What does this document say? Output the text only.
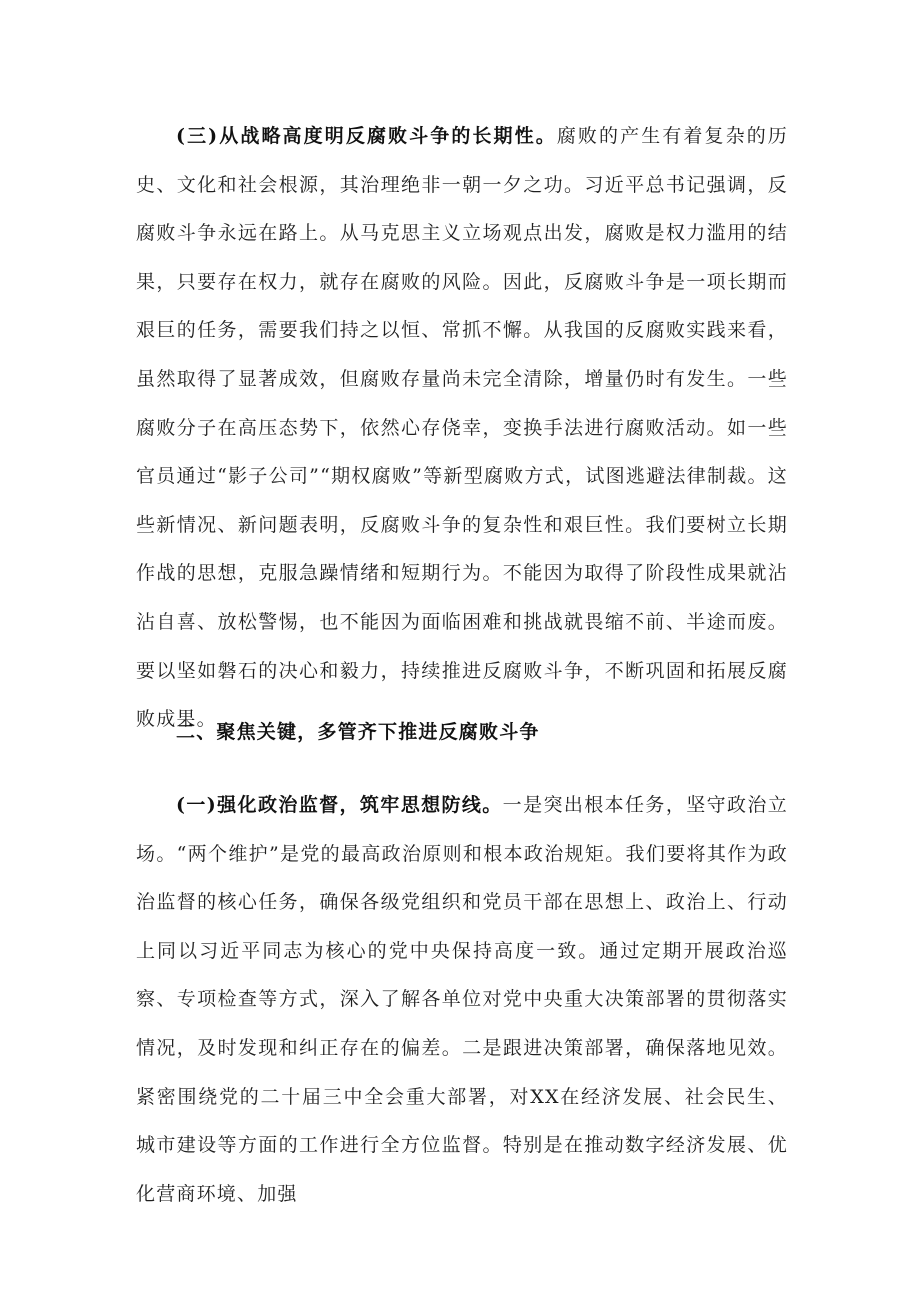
(三)从战略高度明反腐败斗争的长期性。腐败的产生有着复杂的历史、文化和社会根源，其治理绝非一朝一夕之功。习近平总书记强调，反腐败斗争永远在路上。从马克思主义立场观点出发，腐败是权力滥用的结果，只要存在权力，就存在腐败的风险。因此，反腐败斗争是一项长期而艰巨的任务，需要我们持之以恒、常抓不懈。从我国的反腐败实践来看，虽然取得了显著成效，但腐败存量尚未完全清除，增量仍时有发生。一些腐败分子在高压态势下，依然心存侥幸，变换手法进行腐败活动。如一些官员通过“影子公司”“期权腐败”等新型腐败方式，试图逃避法律制裁。这些新情况、新问题表明，反腐败斗争的复杂性和艰巨性。我们要树立长期作战的思想，克服急躁情绪和短期行为。不能因为取得了阶段性成果就沾沾自喜、放松警惕，也不能因为面临困难和挑战就畏缩不前、半途而废。要以坚如磐石的决心和毅力，持续推进反腐败斗争，不断巩固和拓展反腐败成果。

二、聚焦关键，多管齐下推进反腐败斗争

(一)强化政治监督，筑牢思想防线。一是突出根本任务，坚守政治立场。“两个维护”是党的最高政治原则和根本政治规矩。我们要将其作为政治监督的核心任务，确保各级党组织和党员干部在思想上、政治上、行动上同以习近平同志为核心的党中央保持高度一致。通过定期开展政治巡察、专项检查等方式，深入了解各单位对党中央重大决策部署的贯彻落实情况，及时发现和纠正存在的偏差。二是跟进决策部署，确保落地见效。紧密围绕党的二十届三中全会重大部署，对XX在经济发展、社会民生、城市建设等方面的工作进行全方位监督。特别是在推动数字经济发展、优化营商环境、加强
